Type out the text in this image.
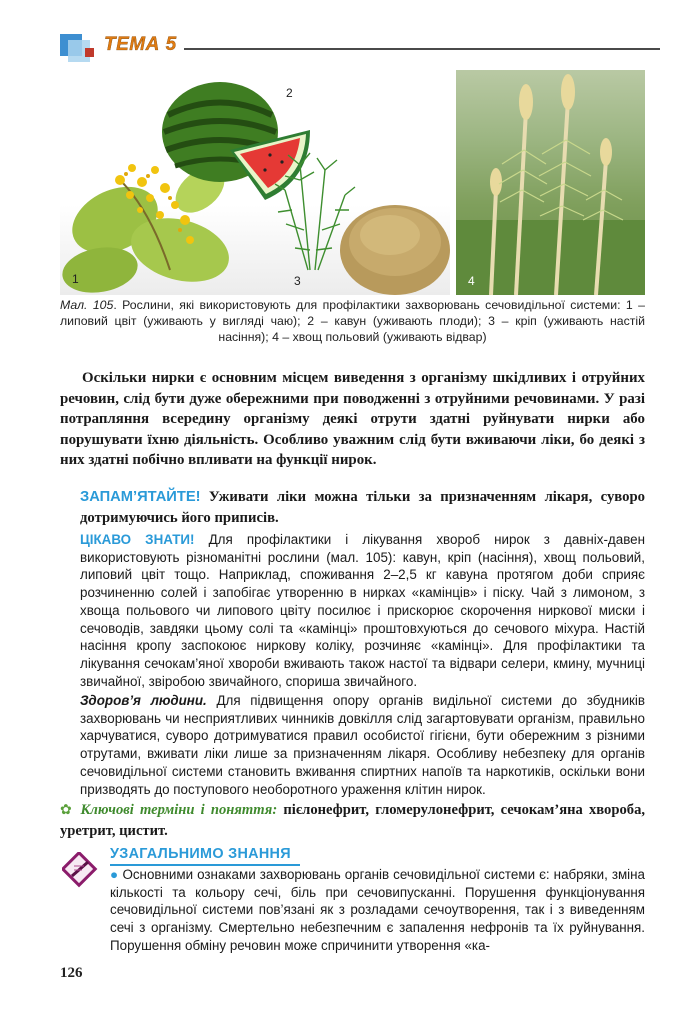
ТЕМА 5
1
2
3	4

Мал. 105. Рослини, які використовують для профілактики захворювань сечовидільної системи: 1 – липовий цвіт (уживають у вигляді чаю); 2 – кавун (уживають плоди); 3 – кріп (уживають настій насіння); 4 – хвощ польовий (уживають відвар)

Оскільки нирки є основним місцем виведення з організму шкідливих і отруйних речовин, слід бути дуже обережними при поводженні з отруйними речовинами. У разі потрапляння всередину організму деякі отрути здатні руйнувати нирки або порушувати їхню діяльність. Особливо уважним слід бути вживаючи ліки, бо деякі з них здатні побічно впливати на функції нирок.

ЗАПАМ’ЯТАЙТЕ! Уживати ліки можна тільки за призначенням лікаря, суворо дотримуючись його приписів.

ЦІКАВО ЗНАТИ! Для профілактики і лікування хвороб нирок з давніх-давен використовують різноманітні рослини (мал. 105): кавун, кріп (насіння), хвощ польовий, липовий цвіт тощо. Наприклад, споживання 2–2,5 кг кавуна протягом доби сприяє розчиненню солей і запобігає утворенню в нирках «камінців» і піску. Чай з лимоном, з хвоща польового чи липового цвіту посилює і прискорює скорочення ниркової миски і сечоводів, завдяки цьому солі та «камінці» проштовхуються до сечового міхура. Настій насіння кропу заспокоює ниркову коліку, розчиняє «камінці». Для профілактики та лікування сечокам’яної хвороби вживають також настої та відвари селери, кмину, мучниці звичайної, звіробою звичайного, спориша звичайного.

Здоров’я людини. Для підвищення опору органів видільної системи до збудників захворювань чи несприятливих чинників довкілля слід загартовувати організм, правильно харчуватися, суворо дотримуватися правил особистої гігієни, бути обережним з різними отрутами, вживати ліки лише за призначенням лікаря. Особливу небезпеку для органів сечовидільної системи становить вживання спиртних напоїв та наркотиків, оскільки вони призводять до поступового необоротного ураження клітин нирок.

✿ Ключові терміни і поняття: пієлонефрит, гломерулонефрит, сечокам’яна хвороба, уретрит, цистит.

УЗАГАЛЬНИМО ЗНАННЯ

● Основними ознаками захворювань органів сечовидільної системи є: набряки, зміна кількості та кольору сечі, біль при сечовипусканні. Порушення функціонування сечовидільної системи пов’язані як з розладами сечоутворення, так і з виведенням сечі з організму. Смертельно небезпечним є запалення нефронів та їх руйнування. Порушення обміну речовин може спричинити утворення «ка-

126
